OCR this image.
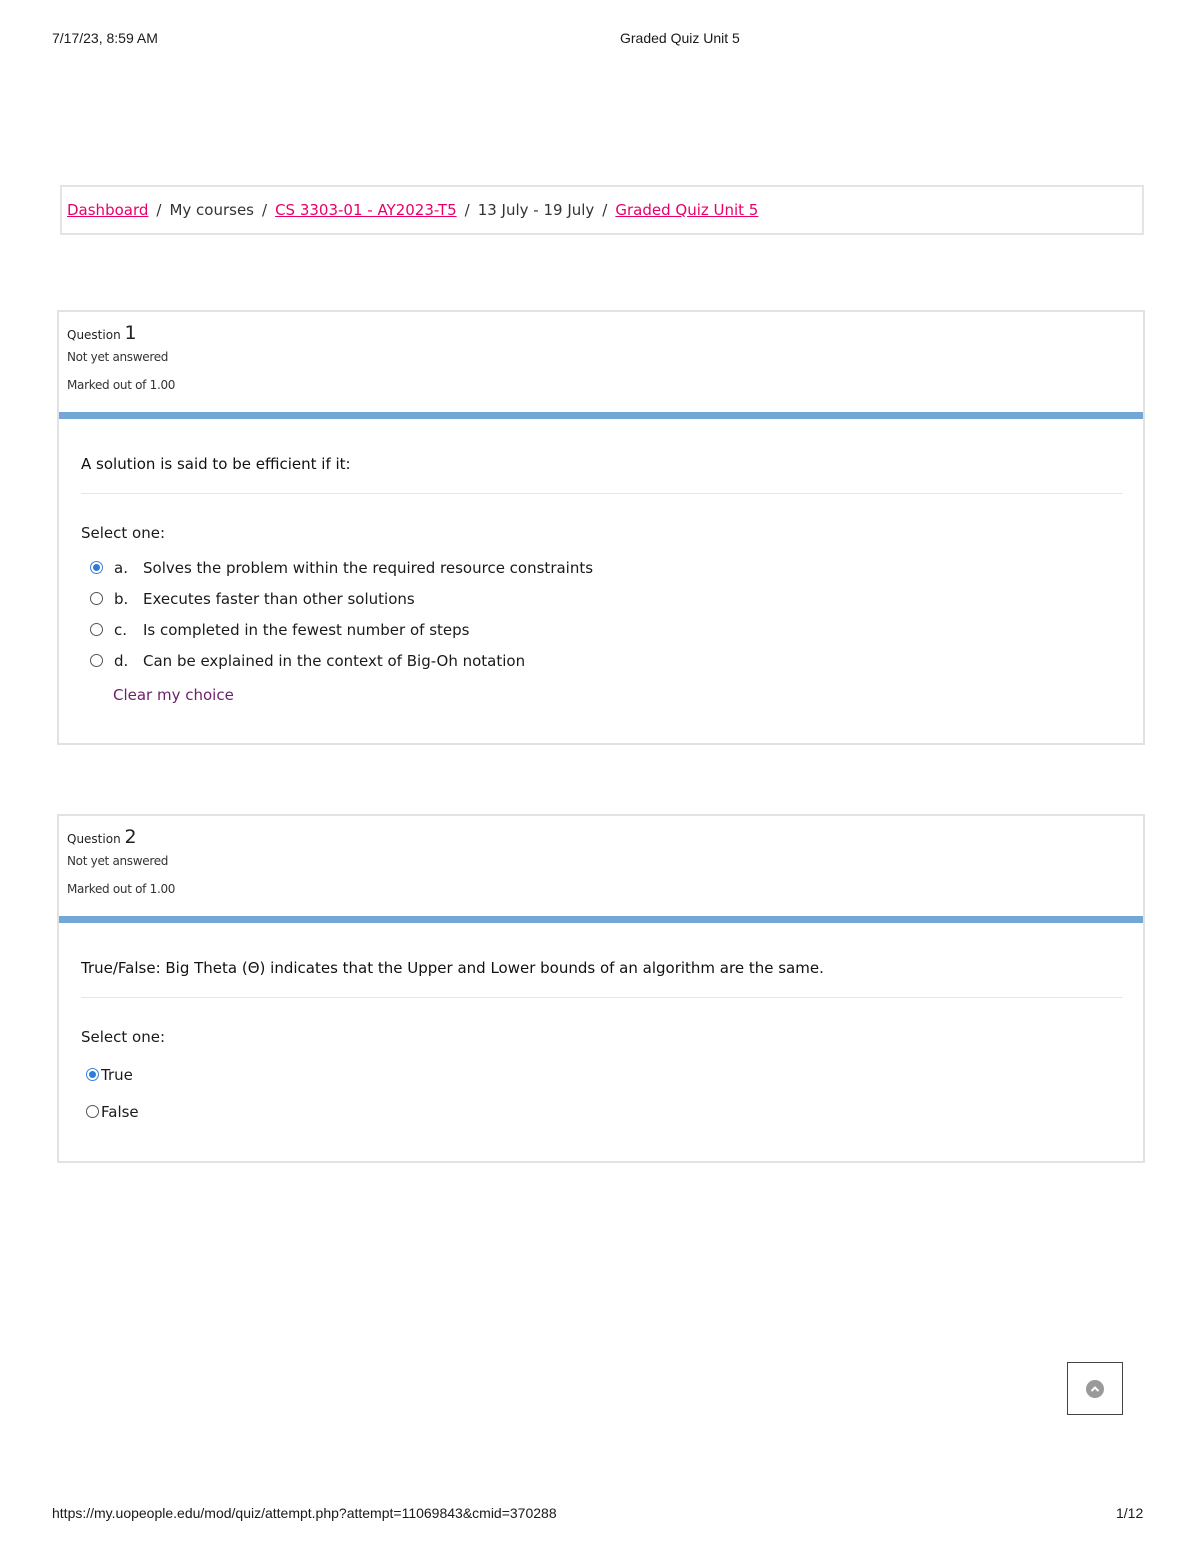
7/17/23, 8:59 AM	Graded Quiz Unit 5
Dashboard / My courses / CS 3303-01 - AY2023-T5 / 13 July - 19 July / Graded Quiz Unit 5
Question 1
Not yet answered
Marked out of 1.00
A solution is said to be efficient if it:
Select one:
a.	Solves the problem within the required resource constraints
b. Executes faster than other solutions
c.	Is completed in the fewest number of steps
d. Can be explained in the context of Big-Oh notation
Clear my choice
Question 2
Not yet answered
Marked out of 1.00
True/False: Big Theta (Θ) indicates that the Upper and Lower bounds of an algorithm are the same.
Select one:
True
False
https://my.uopeople.edu/mod/quiz/attempt.php?attempt=11069843&cmid=370288	1/12
